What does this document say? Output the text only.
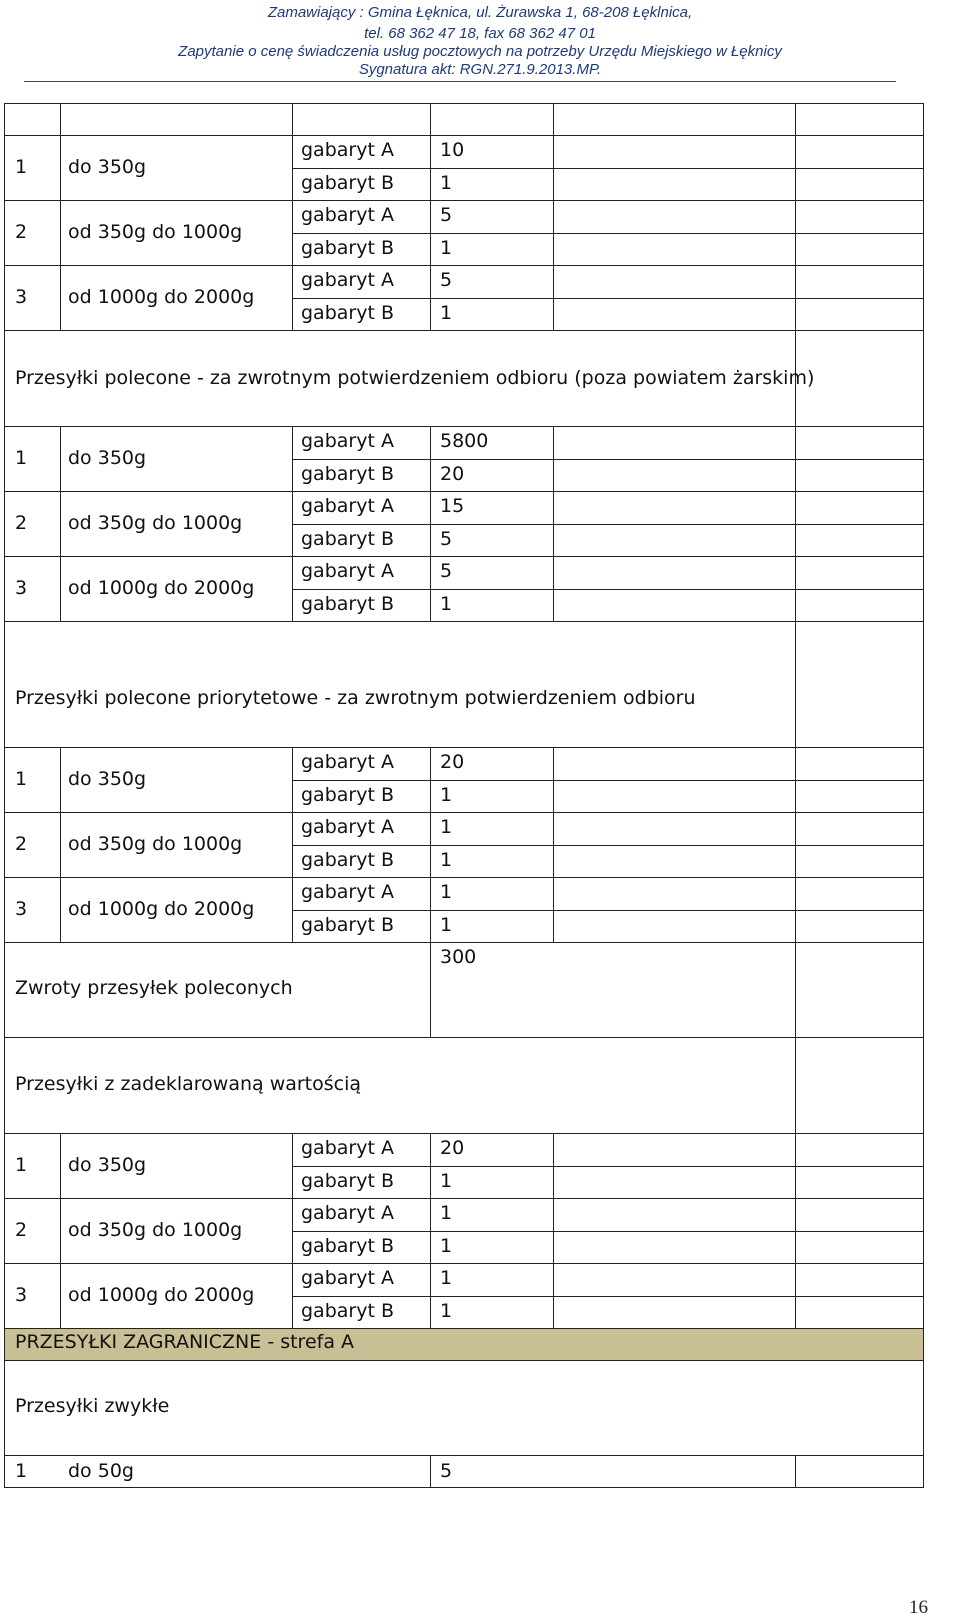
Zamawiający : Gmina Łęknica, ul. Żurawska 1, 68-208 Łęklnica,
tel. 68 362 47 18, fax 68 362 47 01
Zapytanie o cenę świadczenia usług pocztowych na potrzeby Urzędu Miejskiego w Łęknicy
Sygnatura akt: RGN.271.9.2013.MP.
1 do 350g
gabaryt A 10
gabaryt B 1
2 od 350g do 1000g
gabaryt A 5
gabaryt B 1
3 od 1000g do 2000g
gabaryt A 5
gabaryt B 1
Przesyłki polecone - za zwrotnym potwierdzeniem odbioru (poza powiatem żarskim)
1 do 350g
gabaryt A 5800
gabaryt B 20
2 od 350g do 1000g
gabaryt A 15
gabaryt B 5
3 od 1000g do 2000g
gabaryt A 5
gabaryt B 1
Przesyłki polecone priorytetowe - za zwrotnym potwierdzeniem odbioru
1 do 350g
gabaryt A 20
gabaryt B 1
2 od 350g do 1000g
gabaryt A 1
gabaryt B 1
3 od 1000g do 2000g
gabaryt A 1
gabaryt B 1
Zwroty przesyłek poleconych
300
Przesyłki z zadeklarowaną wartością
1 do 350g
gabaryt A 20
gabaryt B 1
2 od 350g do 1000g
gabaryt A 1
gabaryt B 1
3 od 1000g do 2000g
gabaryt A 1
gabaryt B 1
PRZESYŁKI ZAGRANICZNE - strefa A
Przesyłki zwykłe
1 do 50g	5
16
